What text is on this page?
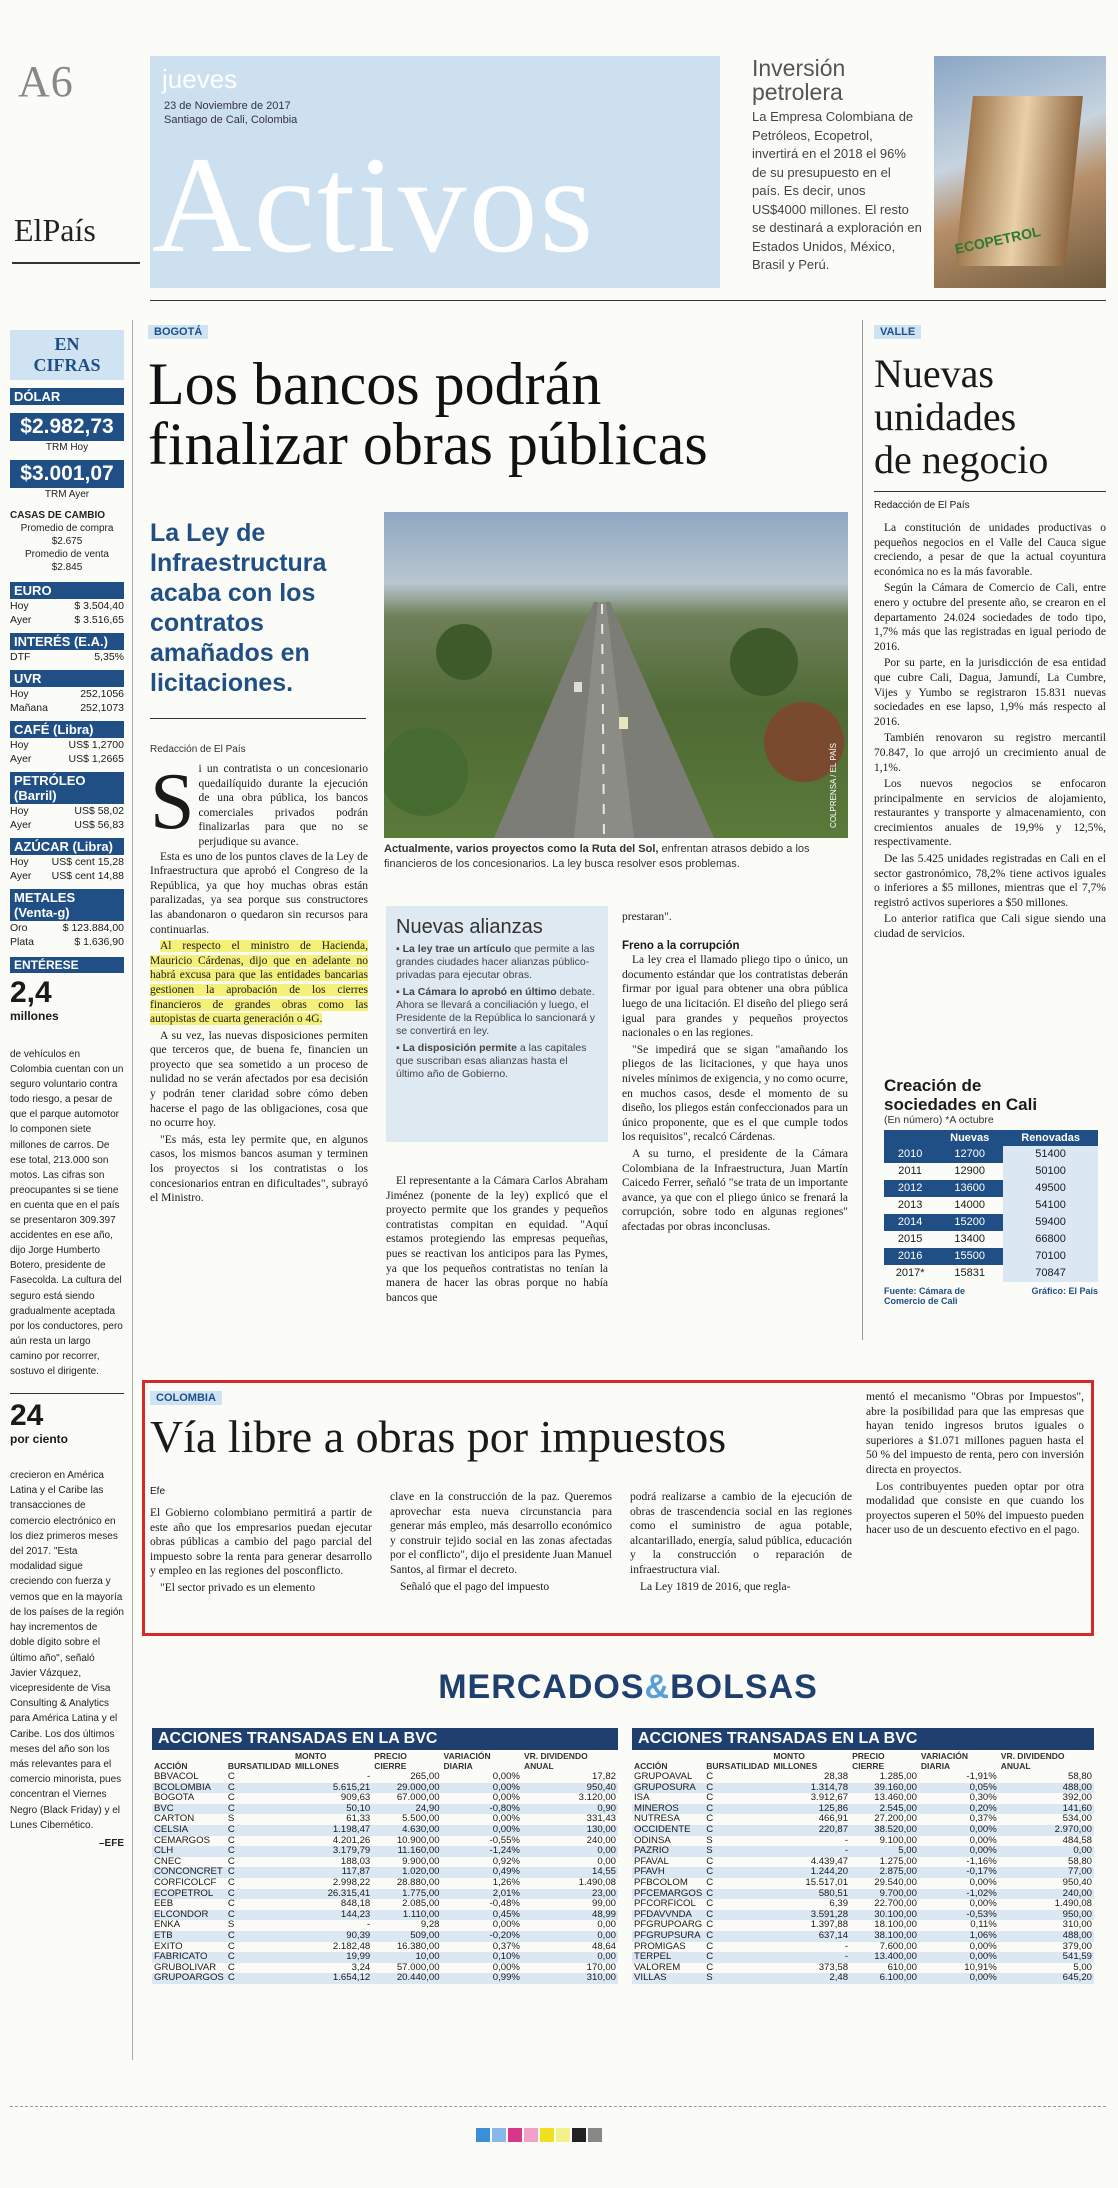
A6
ElPaís
jueves
23 de Noviembre de 2017
Santiago de Cali, Colombia
Activos
Inversión petrolera
La Empresa Colombiana de Petróleos, Ecopetrol, invertirá en el 2018 el 96% de su presupuesto en el país. Es decir, unos US$4000 millones. El resto se destinará a exploración en Estados Unidos, México, Brasil y Perú.
ECOPETROL
EN
CIFRAS
DÓLAR
$2.982,73
TRM Hoy
$3.001,07
TRM Ayer
CASAS DE CAMBIO
Promedio de compra
$2.675
Promedio de venta
$2.845
EURO
Hoy	$ 3.504,40
Ayer	$ 3.516,65
INTERÉS (E.A.)
DTF	5,35%
UVR
Hoy	252,1056
Mañana	252,1073
CAFÉ (Libra)
Hoy	US$ 1,2700
Ayer	US$ 1,2665
PETRÓLEO (Barril)
Hoy	US$ 58,02
Ayer	US$ 56,83
AZÚCAR (Libra)
Hoy US$ cent 15,28
Ayer US$ cent 14,88
METALES (Venta-g)
Oro	$ 123.884,00
Plata	$ 1.636,90
ENTÉRESE
2,4
millones
de vehículos en Colombia cuentan con un seguro voluntario contra todo riesgo, a pesar de que el parque automotor lo componen siete millones de carros. De ese total, 213.000 son motos. Las cifras son preocupantes si se tiene en cuenta que en el país se presentaron 309.397 accidentes en ese año, dijo Jorge Humberto Botero, presidente de Fasecolda. La cultura del seguro está siendo gradualmente aceptada por los conductores, pero aún resta un largo camino por recorrer, sostuvo el dirigente.
24
por ciento
crecieron en América Latina y el Caribe las transacciones de comercio electrónico en los diez primeros meses del 2017. "Esta modalidad sigue creciendo con fuerza y vemos que en la mayoría de los países de la región hay incrementos de doble dígito sobre el último año", señaló Javier Vázquez, vicepresidente de Visa Consulting & Analytics para América Latina y el Caribe. Los dos últimos meses del año son los más relevantes para el comercio minorista, pues concentran el Viernes Negro (Black Friday) y el Lunes Cibernético.
–EFE
BOGOTÁ
Los bancos podrán
finalizar obras públicas
La Ley de Infraestructura acaba con los contratos amañados en licitaciones.
Redacción de El País	COLPRENSA / EL PAÍS
Actualmente, varios proyectos como la Ruta del Sol, enfrentan atrasos debido a los financieros de los concesionarios. La ley busca resolver esos problemas.
S i un contratista o un concesionario quedailíquido durante la ejecución de una obra pública, los bancos comerciales privados podrán finalizarlas para que no se perjudique su avance.

Esta es uno de los puntos claves de la Ley de Infraestructura que aprobó el Congreso de la República, ya que hoy muchas obras están paralizadas, ya sea porque sus constructores las abandonaron o quedaron sin recursos para continuarlas.

Al respecto el ministro de Hacienda, Mauricio Cárdenas, dijo que en adelante no habrá excusa para que las entidades bancarias gestionen la aprobación de los cierres financieros de grandes obras como las autopistas de cuarta generación o 4G.

A su vez, las nuevas disposiciones permiten que terceros que, de buena fe, financien un proyecto que sea sometido a un proceso de nulidad no se verán afectados por esa decisión y podrán tener claridad sobre cómo deben hacerse el pago de las obligaciones, cosa que no ocurre hoy.

"Es más, esta ley permite que, en algunos casos, los mismos bancos asuman y terminen los proyectos si los contratistas o los concesionarios entran en dificultades", subrayó el Ministro.

Nuevas alianzas
▪ La ley trae un artículo que permite a las grandes ciudades hacer alianzas público-privadas para ejecutar obras.
▪ La Cámara lo aprobó en último debate. Ahora se llevará a conciliación y luego, el Presidente de la República lo sancionará y se convertirá en ley.
▪ La disposición permite a las capitales que suscriban esas alianzas hasta el último año de Gobierno.

El representante a la Cámara Carlos Abraham Jiménez (ponente de la ley) explicó que el proyecto permite que los grandes y pequeños contratistas compitan en equidad. "Aquí estamos protegiendo las empresas pequeñas, pues se reactivan los anticipos para las Pymes, ya que los pequeños contratistas no tenían la manera de hacer las obras porque no había bancos que

prestaran".
Freno a la corrupción

La ley crea el llamado pliego tipo o único, un documento estándar que los contratistas deberán firmar por igual para obtener una obra pública luego de una licitación. El diseño del pliego será igual para grandes y pequeños proyectos nacionales o en las regiones.

"Se impedirá que se sigan "amañando los pliegos de las licitaciones, y que haya unos niveles mínimos de exigencia, y no como ocurre, en muchos casos, desde el momento de su diseño, los pliegos están confeccionados para un único proponente, que es el que cumple todos los requisitos", recalcó Cárdenas.

A su turno, el presidente de la Cámara Colombiana de la Infraestructura, Juan Martín Caicedo Ferrer, señaló "se trata de un importante avance, ya que con el pliego único se frenará la corrupción, sobre todo en algunas regiones" afectadas por obras inconclusas.

VALLE
Nuevas
unidades
de negocio
Redacción de El País

La constitución de unidades productivas o pequeños negocios en el Valle del Cauca sigue creciendo, a pesar de que la actual coyuntura económica no es la más favorable.

Según la Cámara de Comercio de Cali, entre enero y octubre del presente año, se crearon en el departamento 24.024 sociedades de todo tipo, 1,7% más que las registradas en igual periodo de 2016.

Por su parte, en la jurisdicción de esa entidad que cubre Cali, Dagua, Jamundí, La Cumbre, Vijes y Yumbo se registraron 15.831 nuevas sociedades en ese lapso, 1,9% más respecto al 2016.

También renovaron su registro mercantil 70.847, lo que arrojó un crecimiento anual de 1,1%.

Los nuevos negocios se enfocaron principalmente en servicios de alojamiento, restaurantes y transporte y almacenamiento, con crecimientos anuales de 19,9% y 12,5%, respectivamente.

De las 5.425 unidades registradas en Cali en el sector gastronómico, 78,2% tiene activos iguales o inferiores a $5 millones, mientras que el 7,7% registró activos superiores a $50 millones.

Lo anterior ratifica que Cali sigue siendo una ciudad de servicios.

Creación de
sociedades en Cali
(En número) *A octubre
	Nuevas	Renovadas
2010	12700	51400
2011	12900	50100
2012	13600	49500
2013	14000	54100
2014	15200	59400
2015	13400	66800
2016	15500	70100
2017*	15831	70847
Fuente: Cámara de Comercio de Cali
Gráfico: El País
COLOMBIA
Vía libre a obras por impuestos
Efe

El Gobierno colombiano permitirá a partir de este año que los empresarios puedan ejecutar obras públicas a cambio del pago parcial del impuesto sobre la renta para generar desarrollo y empleo en las regiones del posconflicto.

"El sector privado es un elemento

clave en la construcción de la paz. Queremos aprovechar esta nueva circunstancia para generar más empleo, más desarrollo económico y construir tejido social en las zonas afectadas por el conflicto", dijo el presidente Juan Manuel Santos, al firmar el decreto.

Señaló que el pago del impuesto

podrá realizarse a cambio de la ejecución de obras de trascendencia social en las regiones como el suministro de agua potable, alcantarillado, energía, salud pública, educación y la construcción o reparación de infraestructura vial.

La Ley 1819 de 2016, que regla-

mentó el mecanismo "Obras por Impuestos", abre la posibilidad para que las empresas que hayan tenido ingresos brutos iguales o superiores a $1.071 millones paguen hasta el 50 % del impuesto de renta, pero con inversión directa en proyectos.

Los contribuyentes pueden optar por otra modalidad que consiste en que cuando los proyectos superen el 50% del impuesto pueden hacer uso de un descuento efectivo en el pago.

MERCADOS&BOLSAS
ACCIONES TRANSADAS EN LA BVC
ACCIÓN	BURSATILIDAD	MONTO MILLONES	PRECIO CIERRE	VARIACIÓN DIARIA	VR. DIVIDENDO ANUAL
BBVACOL	C	-	265,00	0,00%	17,82
BCOLOMBIA	C	5.615,21	29.000,00	0,00%	950,40
BOGOTA	C	909,63	67.000,00	0,00%	3.120,00
BVC	C	50,10	24,90	-0,80%	0,90
CARTON	S	61,33	5.500,00	0,00%	331,43
CELSIA	C	1.198,47	4.630,00	0,00%	130,00
CEMARGOS	C	4.201,26	10.900,00	-0,55%	240,00
CLH	C	3.179,79	11.160,00	-1,24%	0,00
CNEC	C	188,03	9.900,00	0,92%	0,00
CONCONCRET	C	117,87	1.020,00	0,49%	14,55
CORFICOLCF	C	2.998,22	28.880,00	1,26%	1.490,08
ECOPETROL	C	26.315,41	1.775,00	2,01%	23,00
EEB	C	848,18	2.085,00	-0,48%	99,00
ELCONDOR	C	144,23	1.110,00	0,45%	48,99
ENKA	S	-	9,28	0,00%	0,00
ETB	C	90,39	509,00	-0,20%	0,00
EXITO	C	2.182,48	16.380,00	0,37%	48,64
FABRICATO	C	19,99	10,00	0,10%	0,00
GRUBOLIVAR	C	3,24	57.000,00	0,00%	170,00
GRUPOARGOS	C	1.654,12	20.440,00	0,99%	310,00
ACCIONES TRANSADAS EN LA BVC
ACCIÓN	BURSATILIDAD	MONTO MILLONES	PRECIO CIERRE	VARIACIÓN DIARIA	VR. DIVIDENDO ANUAL
GRUPOAVAL	C	28,38	1.285,00	-1,91%	58,80
GRUPOSURA	C	1.314,78	39.160,00	0,05%	488,00
ISA	C	3.912,67	13.460,00	0,30%	392,00
MINEROS	C	125,86	2.545,00	0,20%	141,60
NUTRESA	C	466,91	27.200,00	0,37%	534,00
OCCIDENTE	C	220,87	38.520,00	0,00%	2.970,00
ODINSA	S	-	9.100,00	0,00%	484,58
PAZRIO	S	-	5,00	0,00%	0,00
PFAVAL	C	4.439,47	1.275,00	-1,16%	58,80
PFAVH	C	1.244,20	2.875,00	-0,17%	77,00
PFBCOLOM	C	15.517,01	29.540,00	0,00%	950,40
PFCEMARGOS	C	580,51	9.700,00	-1,02%	240,00
PFCORFICOL	C	6,39	22.700,00	0,00%	1.490,08
PFDAVVNDA	C	3.591,28	30.100,00	-0,53%	950,00
PFGRUPOARG	C	1.397,88	18.100,00	0,11%	310,00
PFGRUPSURA	C	637,14	38.100,00	1,06%	488,00
PROMIGAS	C	-	7.600,00	0,00%	379,00
TERPEL	C	-	13.400,00	0,00%	541,59
VALOREM	C	373,58	610,00	10,91%	5,00
VILLAS	S	2,48	6.100,00	0,00%	645,20
